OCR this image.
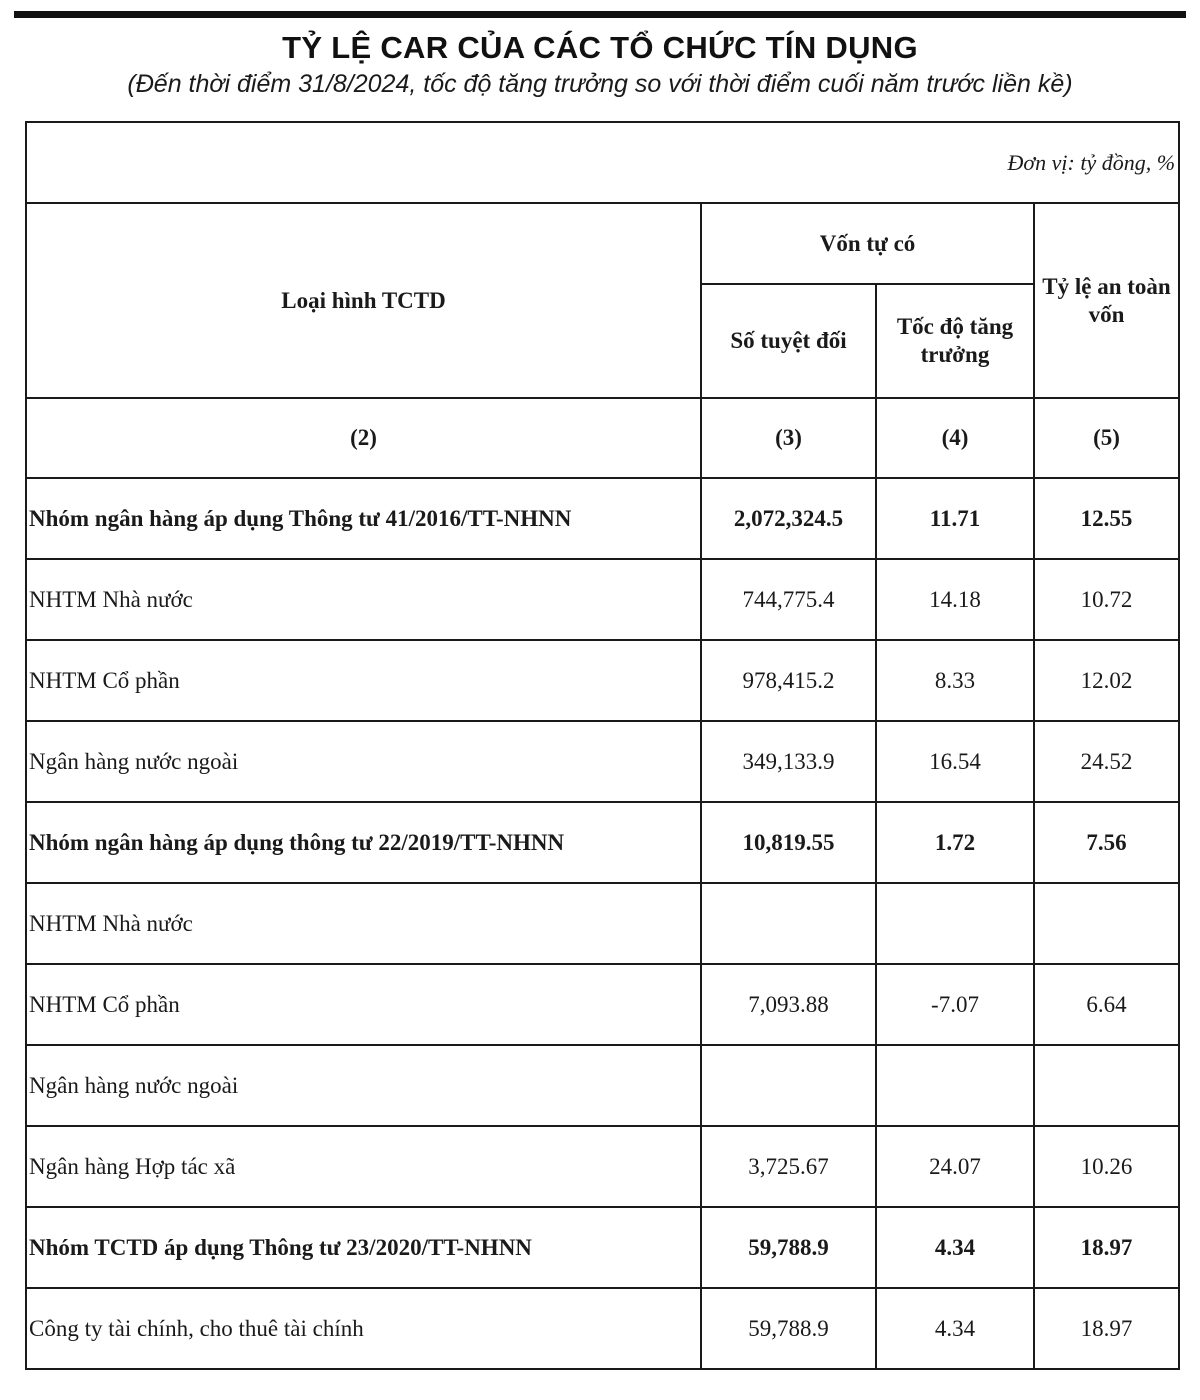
TỶ LỆ CAR CỦA CÁC TỔ CHỨC TÍN DỤNG
(Đến thời điểm 31/8/2024, tốc độ tăng trưởng so với thời điểm cuối năm trước liền kề)
Đơn vị: tỷ đồng, %			
Loại hình TCTD	Vốn tự có		Tỷ lệ an toàn vốn
	Số tuyệt đối	Tốc độ tăng trưởng	
(2)	(3)	(4)	(5)
Nhóm ngân hàng áp dụng Thông tư 41/2016/TT-NHNN	2,072,324.5	11.71	12.55
NHTM Nhà nước	744,775.4	14.18	10.72
NHTM Cổ phần	978,415.2	8.33	12.02
Ngân hàng nước ngoài	349,133.9	16.54	24.52
Nhóm ngân hàng áp dụng thông tư 22/2019/TT-NHNN	10,819.55	1.72	7.56
NHTM Nhà nước			
NHTM Cổ phần	7,093.88	-7.07	6.64
Ngân hàng nước ngoài			
Ngân hàng Hợp tác xã	3,725.67	24.07	10.26
Nhóm TCTD áp dụng Thông tư 23/2020/TT-NHNN	59,788.9	4.34	18.97
Công ty tài chính, cho thuê tài chính	59,788.9	4.34	18.97
